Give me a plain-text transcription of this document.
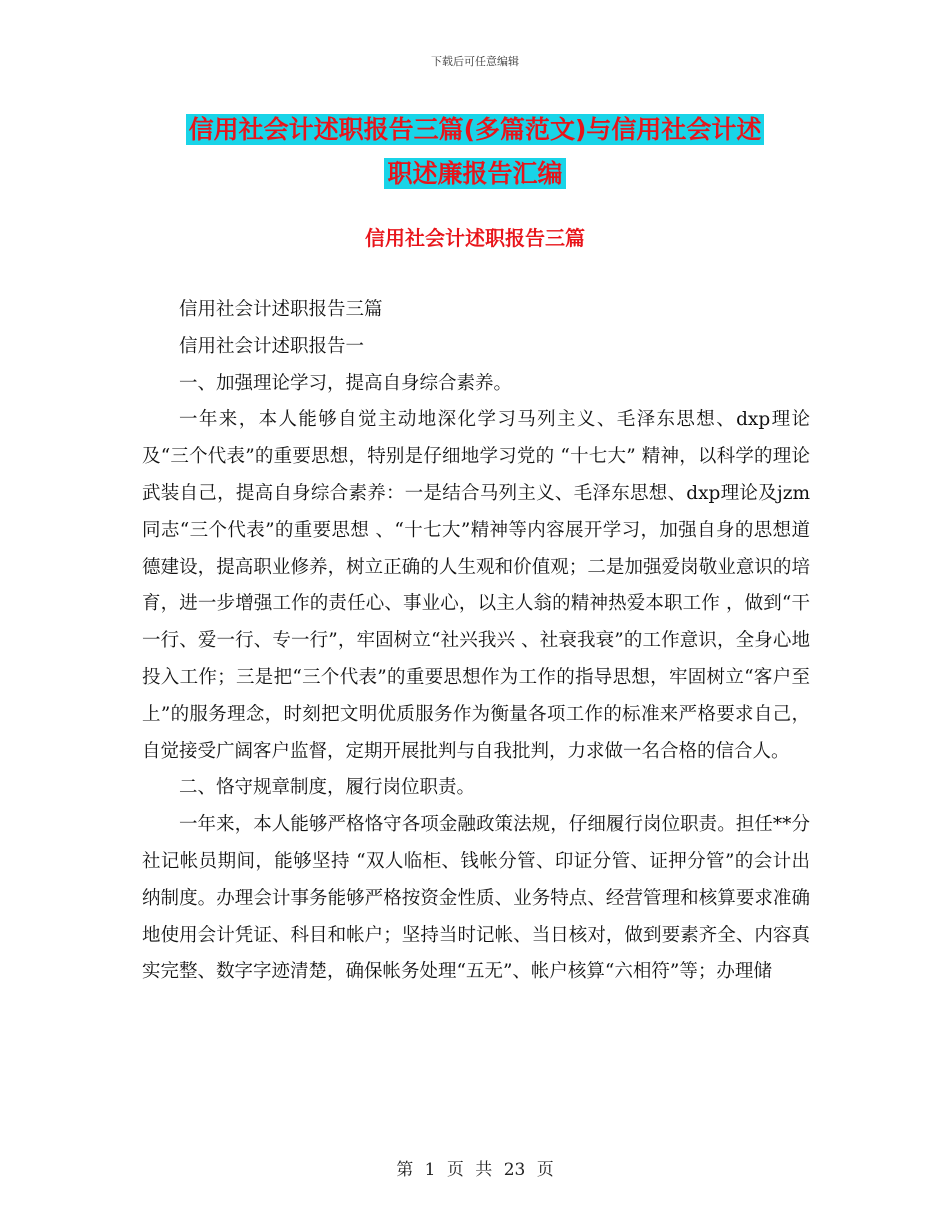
下载后可任意编辑
信用社会计述职报告三篇(多篇范文)与信用社会计述
职述廉报告汇编
信用社会计述职报告三篇

信用社会计述职报告三篇

信用社会计述职报告一

一、加强理论学习，提高自身综合素养。

一年来，本人能够自觉主动地深化学习马列主义、毛泽东思想、dxp理论及“三个代表”的重要思想，特别是仔细地学习党的 “十七大” 精神，以科学的理论武装自己，提高自身综合素养：一是结合马列主义、毛泽东思想、dxp理论及jzm同志“三个代表”的重要思想 、“十七大”精神等内容展开学习，加强自身的思想道德建设，提高职业修养，树立正确的人生观和价值观；二是加强爱岗敬业意识的培育，进一步增强工作的责任心、事业心，以主人翁的精神热爱本职工作 ，做到“干一行、爱一行、专一行”，牢固树立“社兴我兴 、社衰我衰”的工作意识，全身心地投入工作；三是把“三个代表”的重要思想作为工作的指导思想，牢固树立“客户至上”的服务理念，时刻把文明优质服务作为衡量各项工作的标准来严格要求自己，自觉接受广阔客户监督，定期开展批判与自我批判，力求做一名合格的信合人。

二、恪守规章制度，履行岗位职责。

一年来，本人能够严格恪守各项金融政策法规，仔细履行岗位职责。担任**分社记帐员期间，能够坚持 “双人临柜、钱帐分管、印证分管、证押分管”的会计出纳制度。办理会计事务能够严格按资金性质、业务特点、经营管理和核算要求准确地使用会计凭证、科目和帐户；坚持当时记帐、当日核对，做到要素齐全、内容真实完整、数字字迹清楚，确保帐务处理“五无”、帐户核算“六相符”等；办理储

第 1 页 共 23 页
